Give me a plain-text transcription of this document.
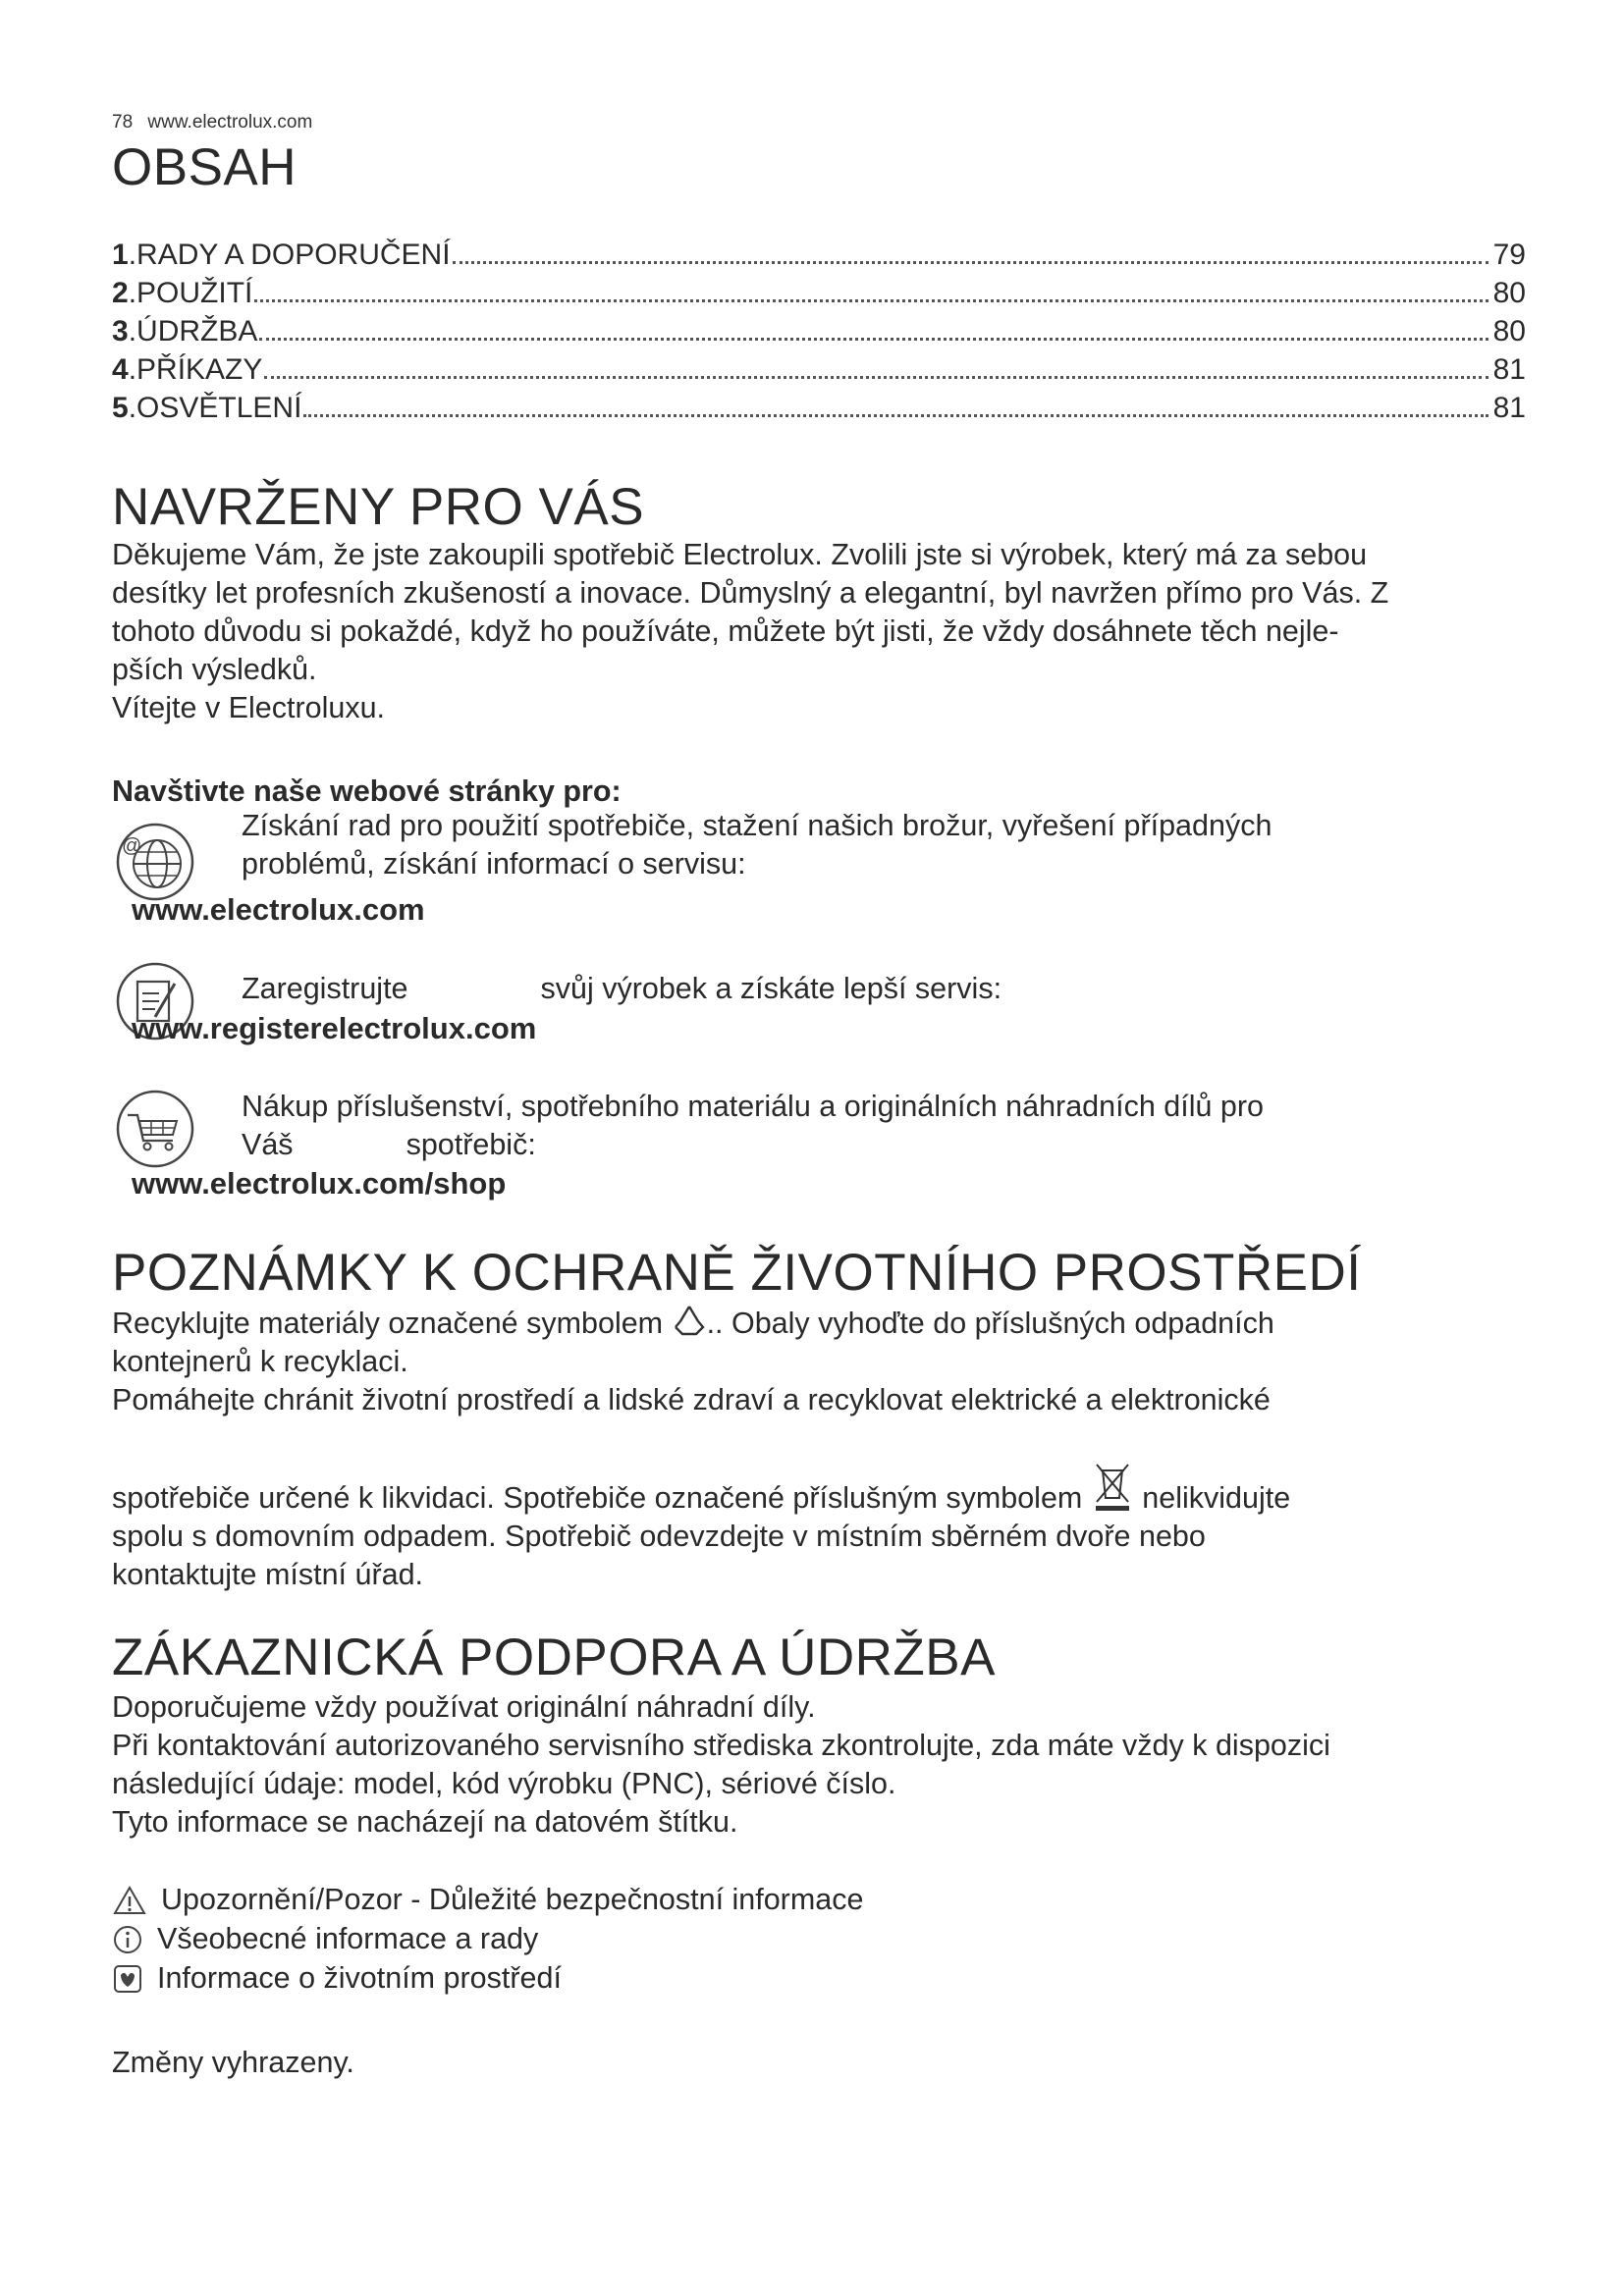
78 www.electrolux.com
OBSAH
1 . RADY A DOPORUČENÍ	79
2 . POUŽITÍ	80
3 . ÚDRŽBA	80
4 . PŘÍKAZY	81
5 . OSVĚTLENÍ	81
NAVRŽENY PRO VÁS

Děkujeme Vám, že jste zakoupili spotřebič Electrolux. Zvolili jste si výrobek, který má za sebou

desítky let profesních zkušeností a inovace. Důmyslný a elegantní, byl navržen přímo pro Vás. Z

tohoto důvodu si pokaždé, když ho používáte, můžete být jisti, že vždy dosáhnete těch nejle-

pších výsledků.

Vítejte v Electroluxu.

Navštivte naše webové stránky pro:

@
Získání rad pro použití spotřebiče, stažení našich brožur, vyřešení případných
problémů, získání informací o servisu:
www.electrolux.com
Zaregistrujte	svůj výrobek a získáte lepší servis:
www.registerelectrolux.com
Nákup příslušenství, spotřebního materiálu a originálních náhradních dílů pro
Váš	spotřebič:
www.electrolux.com/shop
POZNÁMKY K OCHRANĚ ŽIVOTNÍHO PROSTŘEDÍ

Recyklujte materiály označené symbolem .. Obaly vyhoďte do příslušných odpadních

kontejnerů k recyklaci.

Pomáhejte chránit životní prostředí a lidské zdraví a recyklovat elektrické a elektronické

spotřebiče určené k likvidaci. Spotřebiče označené příslušným symbolem nelikvidujte

spolu s domovním odpadem. Spotřebič odevzdejte v místním sběrném dvoře nebo

kontaktujte místní úřad.

ZÁKAZNICKÁ PODPORA A ÚDRŽBA

Doporučujeme vždy používat originální náhradní díly.

Při kontaktování autorizovaného servisního střediska zkontrolujte, zda máte vždy k dispozici

následující údaje: model, kód výrobku (PNC), sériové číslo.

Tyto informace se nacházejí na datovém štítku.

Upozornění/Pozor - Důležité bezpečnostní informace
Všeobecné informace a rady
Informace o životním prostředí

Změny vyhrazeny.
